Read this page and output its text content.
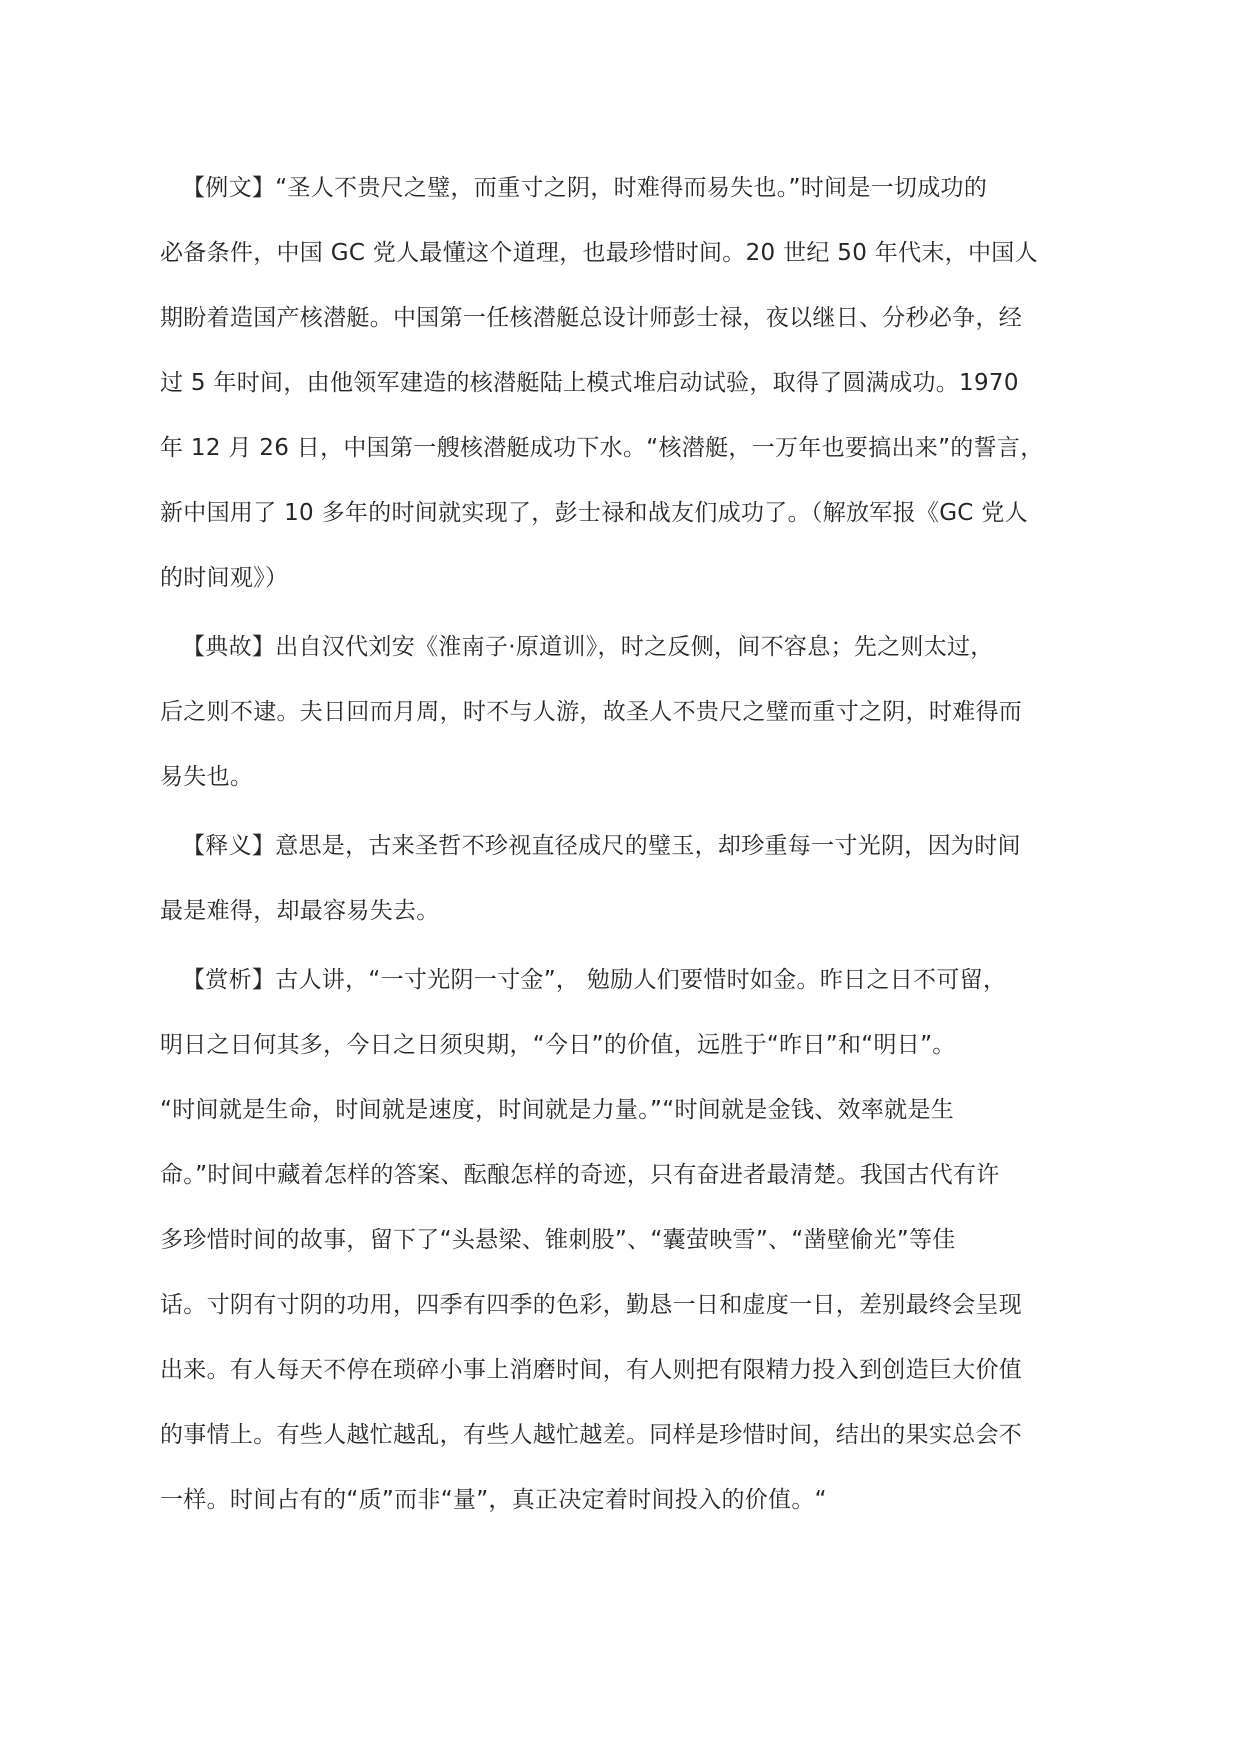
【例文】“圣人不贵尺之璧，而重寸之阴，时难得而易失也。”时间是一切成功的
必备条件，中国 GC 党人最懂这个道理，也最珍惜时间。20 世纪 50 年代末，中国人
期盼着造国产核潜艇。中国第一任核潜艇总设计师彭士禄，夜以继日、分秒必争，经
过 5 年时间，由他领军建造的核潜艇陆上模式堆启动试验，取得了圆满成功。1970
年 12 月 26 日，中国第一艘核潜艇成功下水。“核潜艇，一万年也要搞出来”的誓言，
新中国用了 10 多年的时间就实现了，彭士禄和战友们成功了。（解放军报《GC 党人
的时间观》）
【典故】出自汉代刘安《淮南子·原道训》，时之反侧，间不容息；先之则太过，
后之则不逮。夫日回而月周，时不与人游，故圣人不贵尺之璧而重寸之阴，时难得而
易失也。
【释义】意思是，古来圣哲不珍视直径成尺的璧玉，却珍重每一寸光阴，因为时间
最是难得，却最容易失去。
【赏析】古人讲，“一寸光阴一寸金”， 勉励人们要惜时如金。昨日之日不可留，
明日之日何其多，今日之日须臾期，“今日”的价值，远胜于“昨日”和“明日”。
“时间就是生命，时间就是速度，时间就是力量。”“时间就是金钱、效率就是生
命。”时间中藏着怎样的答案、酝酿怎样的奇迹，只有奋进者最清楚。我国古代有许
多珍惜时间的故事，留下了“头悬梁、锥刺股”、“囊萤映雪”、“凿壁偷光”等佳
话。寸阴有寸阴的功用，四季有四季的色彩，勤恳一日和虚度一日，差别最终会呈现
出来。有人每天不停在琐碎小事上消磨时间，有人则把有限精力投入到创造巨大价值
的事情上。有些人越忙越乱，有些人越忙越差。同样是珍惜时间，结出的果实总会不
一样。时间占有的“质”而非“量”，真正决定着时间投入的价值。“
